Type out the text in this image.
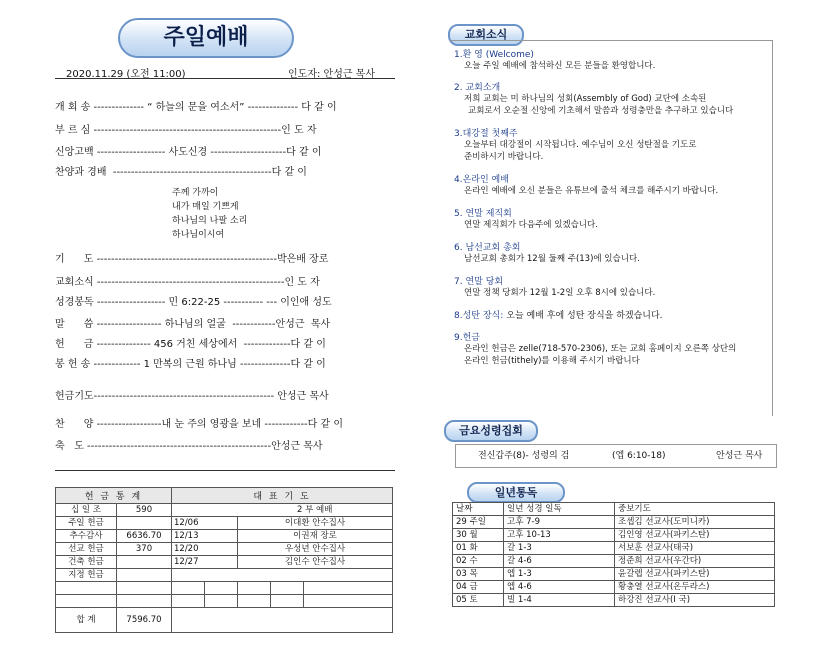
주일예배
2020.11.29 (오전 11:00)	인도자: 안성근 목사
개 회 송 -------------- “ 하늘의 문을 여소서” -------------- 다 같 이
부 르 심 ----------------------------------------------------인 도 자
신앙고백 ------------------- 사도신경 ---------------------다 같 이
찬양과 경배  --------------------------------------------다 같 이
기      도 --------------------------------------------------박은배 장로
교회소식 ----------------------------------------------------인 도 자
성경봉독 ------------------- 민 6:22-25 ----------- --- 이인애 성도
말      씀 ------------------ 하나님의 얼굴  ------------안성근  목사
헌      금 --------------- 456 거친 세상에서  -------------다 같 이
봉 헌 송 ------------- 1 만복의 근원 하나님 --------------다 같 이
헌금기도-------------------------------------------------- 안성근 목사
찬      양 ------------------내 눈 주의 영광을 보네 ------------다 같 이
축   도 ---------------------------------------------------안성근 목사
주께 가까이
내가 매일 기쁘게
하나님의 나팔 소리
하나님이시여
헌 금 통 계		대 표 기 도				
십 일 조	590			2 부 예배		
주일 헌금		12/06		이대환 안수집사		
추수감사	6636.70	12/13		이권재 장로		
선교 헌금	370	12/20		우성년 안수집사		
건축 헌금		12/27		김인수 안수집사		
지정 헌금						

합 계	7596.70					
교회소식
1.환 영 (Welcome)
오늘 주일 예배에 참석하신 모든 분들을 환영합니다.
2. 교회소개
저희 교회는 미 하나님의 성회(Assembly of God) 교단에 소속된
교회로서 오순절 신앙에 기초해서 말씀과 성령충만을 추구하고 있습니다
3.대강절 첫째주
오늘부터 대강절이 시작됩니다. 예수님이 오신 성탄절을 기도로
준비하시기 바랍니다.
4.온라인 예배
온라인 예배에 오신 분들은 유튜브에 출석 체크를 해주시기 바랍니다.
5. 연말 제직회
연말 제직회가 다음주에 있겠습니다.
6. 남선교회 총회
남선교회 총회가 12월 둘째 주(13)에 있습니다.
7. 연말 당회
연말 정책 당회가 12월 1-2일 오후 8시에 있습니다.
8.성탄 장식: 오늘 예배 후에 성탄 장식을 하겠습니다.
9.헌금
온라인 헌금은 zelle(718-570-2306), 또는 교회 홈페이지 오른쪽 상단의
온라인 헌금(tithely)를 이용해 주시기 바랍니다
금요성령집회
전신갑주(8)- 성령의 검	(엡 6:10-18)	안성근 목사
일년통독
날짜	일년 성경 일독	중보기도
29 주일	고후 7-9	조셉김 선교사(도미니카)
30 월	고후 10-13	김인영 선교사(파키스탄)
01 화	갈 1-3	서보훈 선교사(태국)
02 수	갈 4-6	정준희 선교사(우간다)
03 목	엡 1-3	윤갈렙 선교사(파키스탄)
04 금	엡 4-6	황충열 선교사(온두라스)
05 토	빌 1-4	하강진 선교사(I 국)
